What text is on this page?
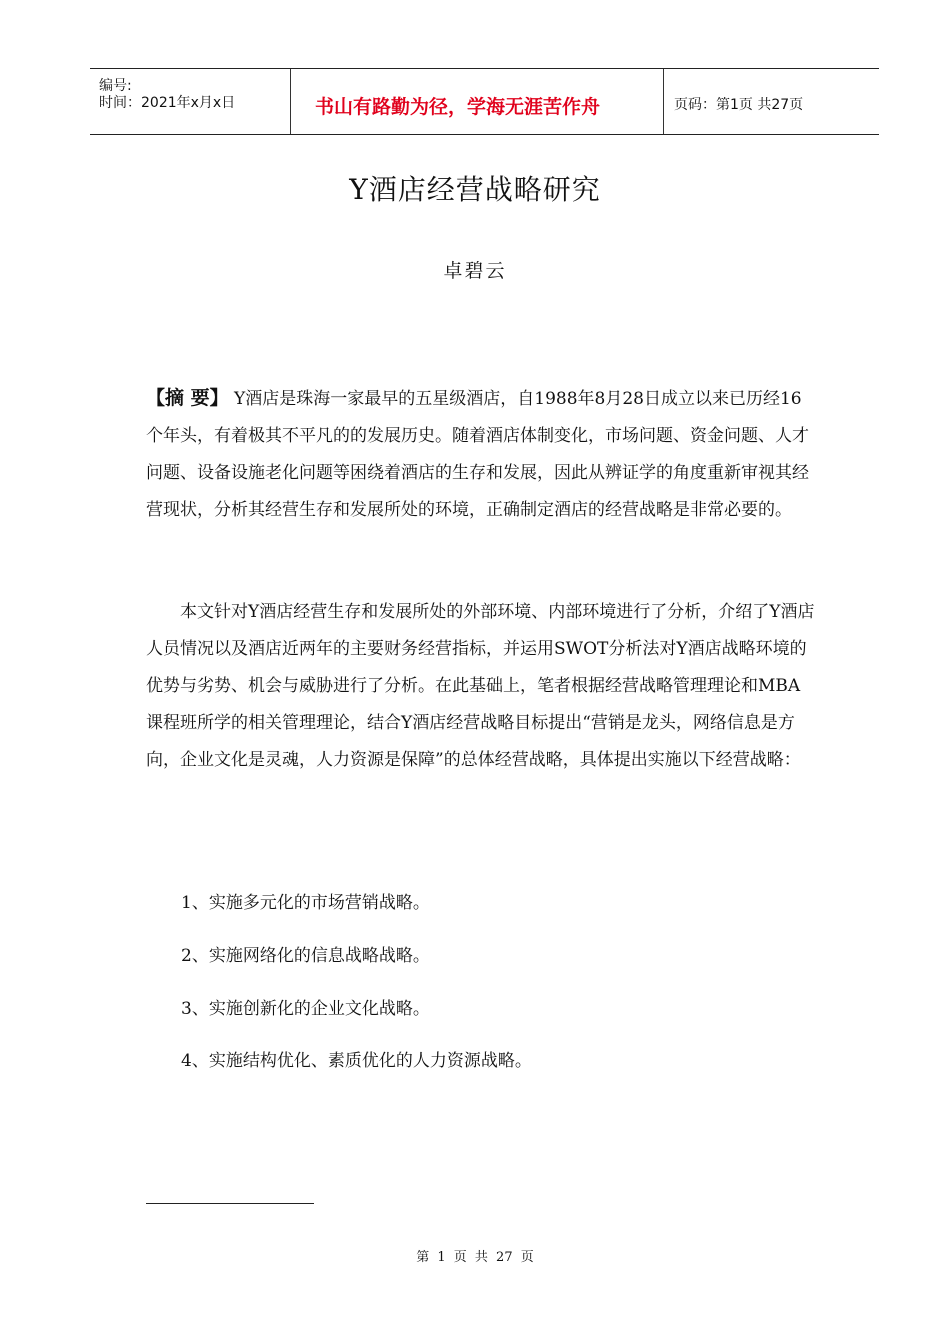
编号:
时间：2021年x月x日	书山有路勤为径，学海无涯苦作舟	页码：第1页 共27页
Y酒店经营战略研究
卓碧云
【摘 要】 Y酒店是珠海一家最早的五星级酒店，自1988年8月28日成立以来已历经16个年头，有着极其不平凡的的发展历史。随着酒店体制变化，市场问题、资金问题、人才问题、设备设施老化问题等困绕着酒店的生存和发展，因此从辨证学的角度重新审视其经营现状，分析其经营生存和发展所处的环境，正确制定酒店的经营战略是非常必要的。
本文针对Y酒店经营生存和发展所处的外部环境、内部环境进行了分析，介绍了Y酒店人员情况以及酒店近两年的主要财务经营指标，并运用SWOT分析法对Y酒店战略环境的优势与劣势、机会与威胁进行了分析。在此基础上，笔者根据经营战略管理理论和MBA课程班所学的相关管理理论，结合Y酒店经营战略目标提出“营销是龙头，网络信息是方向，企业文化是灵魂，人力资源是保障”的总体经营战略，具体提出实施以下经营战略：
1、实施多元化的市场营销战略。
2、实施网络化的信息战略战略。
3、实施创新化的企业文化战略。
4、实施结构优化、素质优化的人力资源战略。
第 1 页 共 27 页
